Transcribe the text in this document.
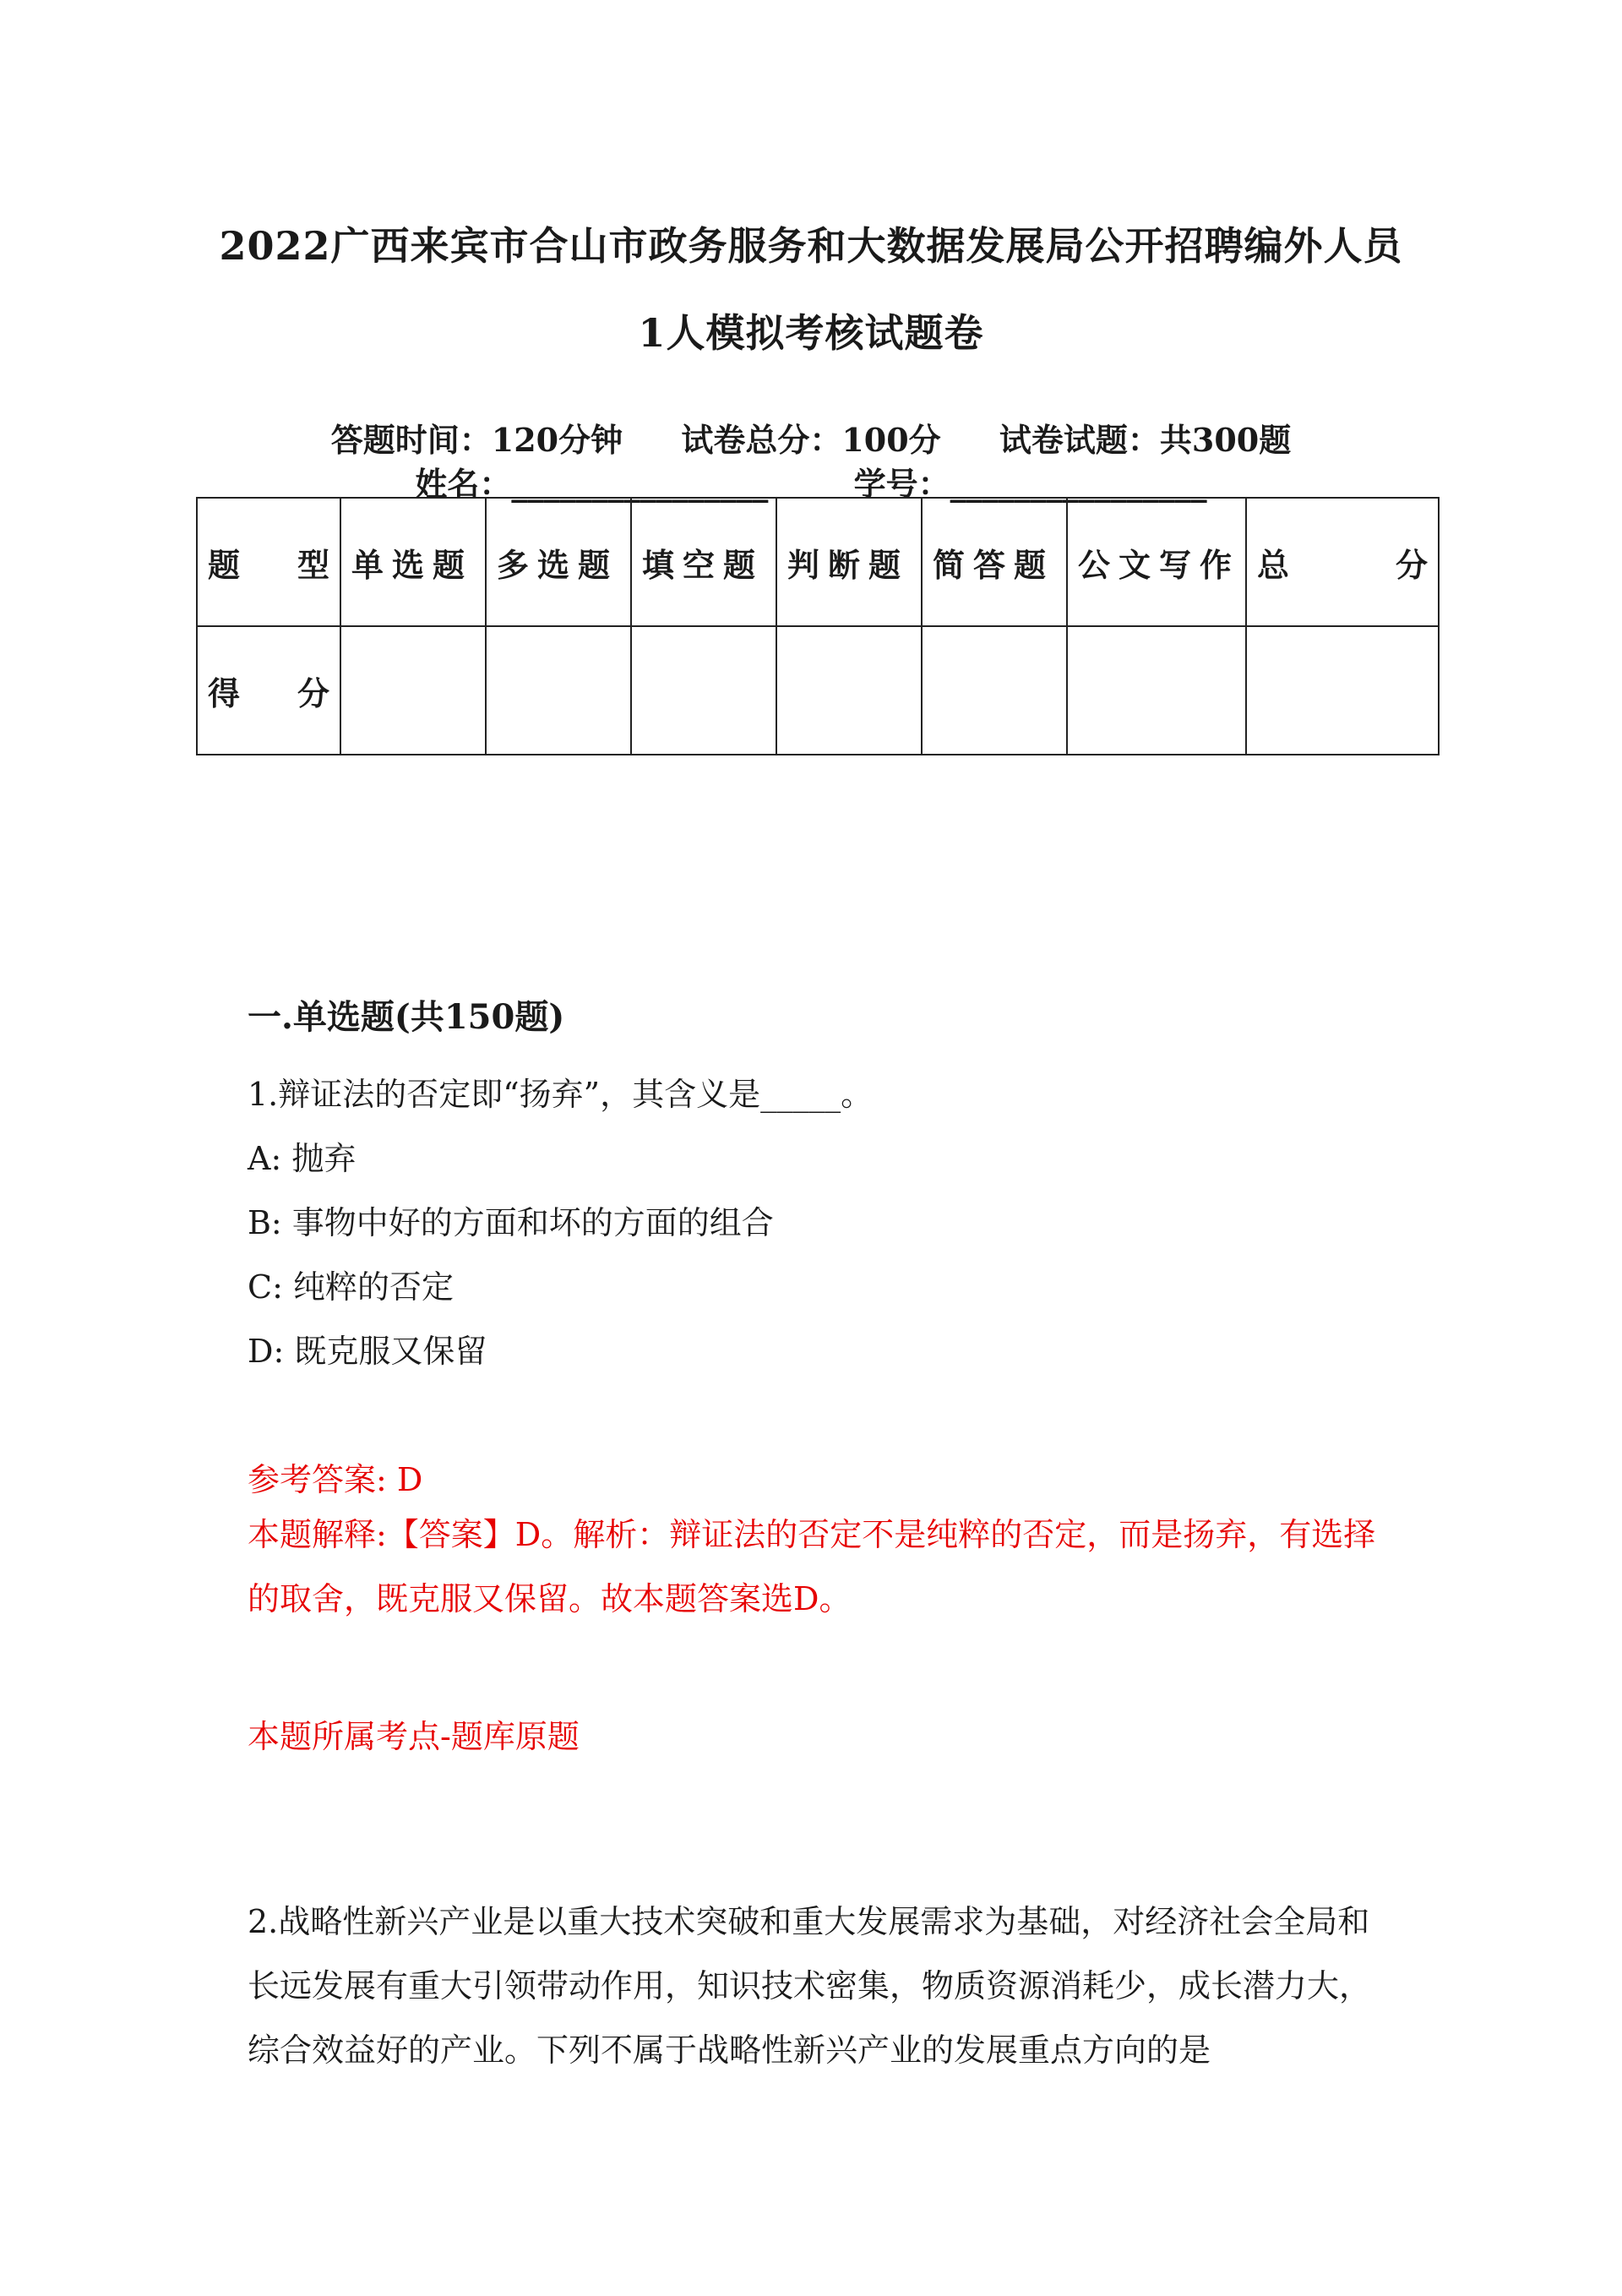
2022广西来宾市合山市政务服务和大数据发展局公开招聘编外人员
1人模拟考核试题卷
答题时间：120分钟 试卷总分：100分 试卷试题：共300题
姓名：________________	学号：________________
题 型	单选题	多选题	填空题	判断题	简答题	公文写作	总 分

得 分							

一.单选题(共150题)
1.辩证法的否定即“扬弃”，其含义是_____。
A: 抛弃
B: 事物中好的方面和坏的方面的组合
C: 纯粹的否定
D: 既克服又保留
参考答案: D
本题解释:【答案】D。解析：辩证法的否定不是纯粹的否定，而是扬弃，有选择的取舍，既克服又保留。故本题答案选D。
本题所属考点-题库原题
2.战略性新兴产业是以重大技术突破和重大发展需求为基础，对经济社会全局和长远发展有重大引领带动作用，知识技术密集，物质资源消耗少，成长潜力大，综合效益好的产业。下列不属于战略性新兴产业的发展重点方向的是
